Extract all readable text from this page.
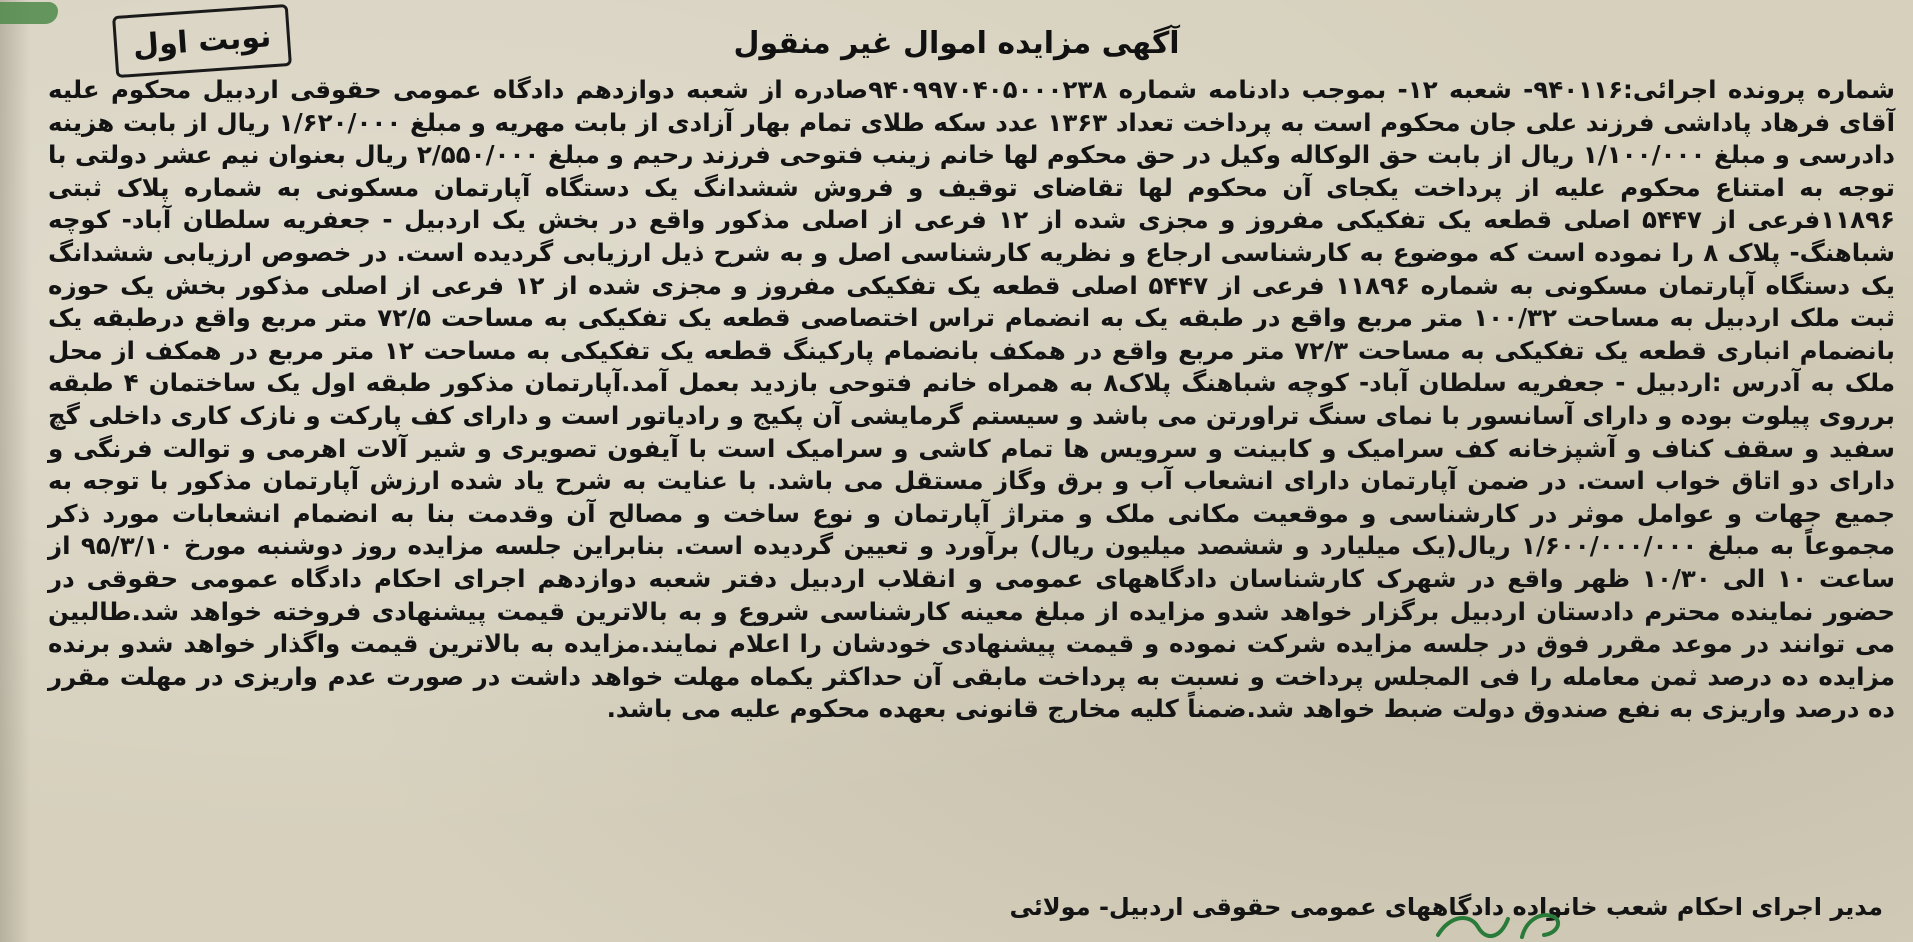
نوبت اول	آگهی مزایده اموال غیر منقول
شماره پرونده اجرائی:۹۴۰۱۱۶- شعبه ۱۲- بموجب دادنامه شماره ۹۴۰۹۹۷۰۴۰۵۰۰۰۲۳۸صادره از شعبه دوازدهم دادگاه عمومی حقوقی اردبیل محکوم علیه آقای فرهاد پاداشی فرزند علی جان محکوم است به پرداخت تعداد ۱۳۶۳ عدد سکه طلای تمام بهار آزادی از بابت مهریه و مبلغ ۱/۶۲۰/۰۰۰ ریال از بابت هزینه دادرسی و مبلغ ۱/۱۰۰/۰۰۰ ریال از بابت حق الوکاله وکیل در حق محکوم لها خانم زینب فتوحی فرزند رحیم و مبلغ ۲/۵۵۰/۰۰۰ ریال بعنوان نیم عشر دولتی با توجه به امتناع محکوم علیه از پرداخت یکجای آن محکوم لها تقاضای توقیف و فروش ششدانگ یک دستگاه آپارتمان مسکونی به شماره پلاک ثبتی ۱۱۸۹۶فرعی از ۵۴۴۷ اصلی قطعه یک تفکیکی مفروز و مجزی شده از ۱۲ فرعی از اصلی مذکور واقع در بخش یک اردبیل - جعفریه سلطان آباد- کوچه شباهنگ- پلاک ۸ را نموده است که موضوع به کارشناسی ارجاع و نظریه کارشناسی اصل و به شرح ذیل ارزیابی گردیده است. در خصوص ارزیابی ششدانگ یک دستگاه آپارتمان مسکونی به شماره ۱۱۸۹۶ فرعی از ۵۴۴۷ اصلی قطعه یک تفکیکی مفروز و مجزی شده از ۱۲ فرعی از اصلی مذکور بخش یک حوزه ثبت ملک اردبیل به مساحت ۱۰۰/۳۲ متر مربع واقع در طبقه یک به انضمام تراس اختصاصی قطعه یک تفکیکی به مساحت ۷۲/۵ متر مربع واقع درطبقه یک بانضمام انباری قطعه یک تفکیکی به مساحت ۷۲/۳ متر مربع واقع در همکف بانضمام پارکینگ قطعه یک تفکیکی به مساحت ۱۲ متر مربع در همکف از محل ملک به آدرس :اردبیل - جعفریه سلطان آباد- کوچه شباهنگ پلاک۸ به همراه خانم فتوحی بازدید بعمل آمد.آپارتمان مذکور طبقه اول یک ساختمان ۴ طبقه برروی پیلوت بوده و دارای آسانسور با نمای سنگ تراورتن می باشد و سیستم گرمایشی آن پکیج و رادیاتور است و دارای کف پارکت و نازک کاری داخلی گچ سفید و سقف کناف و آشپزخانه کف سرامیک و کابینت و سرویس ها تمام کاشی و سرامیک است با آیفون تصویری و شیر آلات اهرمی و توالت فرنگی و دارای دو اتاق خواب است. در ضمن آپارتمان دارای انشعاب آب و برق وگاز مستقل می باشد. با عنایت به شرح یاد شده ارزش آپارتمان مذکور با توجه به جمیع جهات و عوامل موثر در کارشناسی و موقعیت مکانی ملک و متراژ آپارتمان و نوع ساخت و مصالح آن وقدمت بنا به انضمام انشعابات مورد ذکر مجموعاً به مبلغ ۱/۶۰۰/۰۰۰/۰۰۰ ریال(یک میلیارد و ششصد میلیون ریال) برآورد و تعیین گردیده است. بنابراین جلسه مزایده روز دوشنبه مورخ ۹۵/۳/۱۰ از ساعت ۱۰ الی ۱۰/۳۰ ظهر واقع در شهرک کارشناسان دادگاههای عمومی و انقلاب اردبیل دفتر شعبه دوازدهم اجرای احکام دادگاه عمومی حقوقی در حضور نماینده محترم دادستان اردبیل برگزار خواهد شدو مزایده از مبلغ معینه کارشناسی شروع و به بالاترین قیمت پیشنهادی فروخته خواهد شد.طالبین می توانند در موعد مقرر فوق در جلسه مزایده شرکت نموده و قیمت پیشنهادی خودشان را اعلام نمایند.مزایده به بالاترین قیمت واگذار خواهد شدو برنده مزایده ده درصد ثمن معامله را فی المجلس پرداخت و نسبت به پرداخت مابقی آن حداکثر یکماه مهلت خواهد داشت در صورت عدم واریزی در مهلت مقرر ده درصد واریزی به نفع صندوق دولت ضبط خواهد شد.ضمناً کلیه مخارج قانونی بعهده محکوم علیه می باشد.
مدیر اجرای احکام شعب خانواده دادگاههای عمومی حقوقی اردبیل- مولائی
